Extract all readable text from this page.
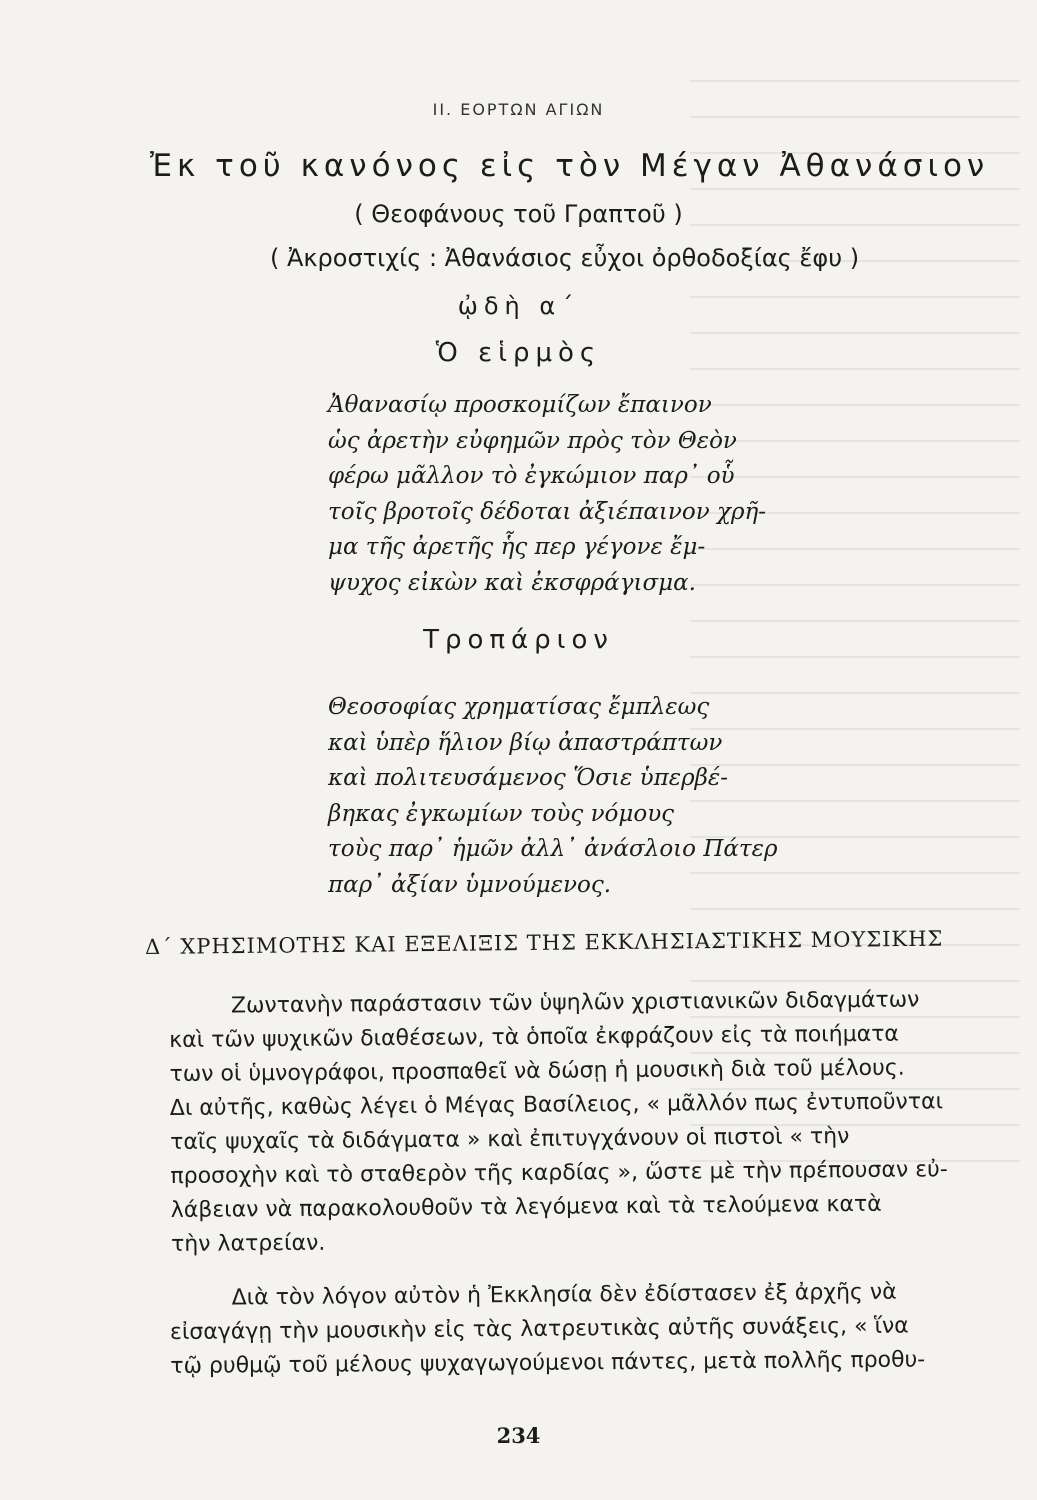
II. ΕΟΡΤΩΝ ΑΓΙΩΝ
Ἐκ τοῦ κανόνος εἰς τὸν Μέγαν Ἀθανάσιον
( Θεοφάνους τοῦ Γραπτοῦ )
( Ἀκροστιχίς : Ἀθανάσιος εὖχοι ὀρθοδοξίας ἔφυ )
ᾠδὴ α´
Ὁ εἱρμὸς
Ἀθανασίῳ προσκομίζων ἔπαινον
ὡς ἀρετὴν εὐφημῶν πρὸς τὸν Θεὸν
φέρω μᾶλλον τὸ ἐγκώμιον παρ᾽ οὗ
τοῖς βροτοῖς δέδοται ἀξιέπαινον χρῆ-
μα τῆς ἀρετῆς ἧς περ γέγονε ἔμ-
ψυχος εἰκὼν καὶ ἐκσφράγισμα.
Τροπάριον
Θεοσοφίας χρηματίσας ἔμπλεως
καὶ ὑπὲρ ἥλιον βίῳ ἀπαστράπτων
καὶ πολιτευσάμενος Ὅσιε ὑπερβέ-
βηκας ἐγκωμίων τοὺς νόμους
τοὺς παρ᾽ ἡμῶν ἀλλ᾽ ἀνάσλοιο Πάτερ
παρ᾽ ἀξίαν ὑμνούμενος.
Δ´ ΧΡΗΣΙΜΟΤΗΣ ΚΑΙ ΕΞΕΛΙΞΙΣ ΤΗΣ ΕΚΚΛΗΣΙΑΣΤΙΚΗΣ ΜΟΥΣΙΚΗΣ
Ζωντανὴν παράστασιν τῶν ὑψηλῶν χριστιανικῶν διδαγμάτων
καὶ τῶν ψυχικῶν διαθέσεων, τὰ ὁποῖα ἐκφράζουν εἰς τὰ ποιήματα
των οἱ ὑμνογράφοι, προσπαθεῖ νὰ δώσῃ ἡ μουσικὴ διὰ τοῦ μέλους.
Δι αὐτῆς, καθὼς λέγει ὁ Μέγας Βασίλειος, « μᾶλλόν πως ἐντυποῦνται
ταῖς ψυχαῖς τὰ διδάγματα » καὶ ἐπιτυγχάνουν οἱ πιστοὶ « τὴν
προσοχὴν καὶ τὸ σταθερὸν τῆς καρδίας », ὥστε μὲ τὴν πρέπουσαν εὐ-
λάβειαν νὰ παρακολουθοῦν τὰ λεγόμενα καὶ τὰ τελούμενα κατὰ
τὴν λατρείαν.
Διὰ τὸν λόγον αὐτὸν ἡ Ἐκκλησία δὲν ἐδίστασεν ἐξ ἀρχῆς νὰ
εἰσαγάγῃ τὴν μουσικὴν εἰς τὰς λατρευτικὰς αὐτῆς συνάξεις, « ἵνα
τῷ ρυθμῷ τοῦ μέλους ψυχαγωγούμενοι πάντες, μετὰ πολλῆς προθυ-
234
